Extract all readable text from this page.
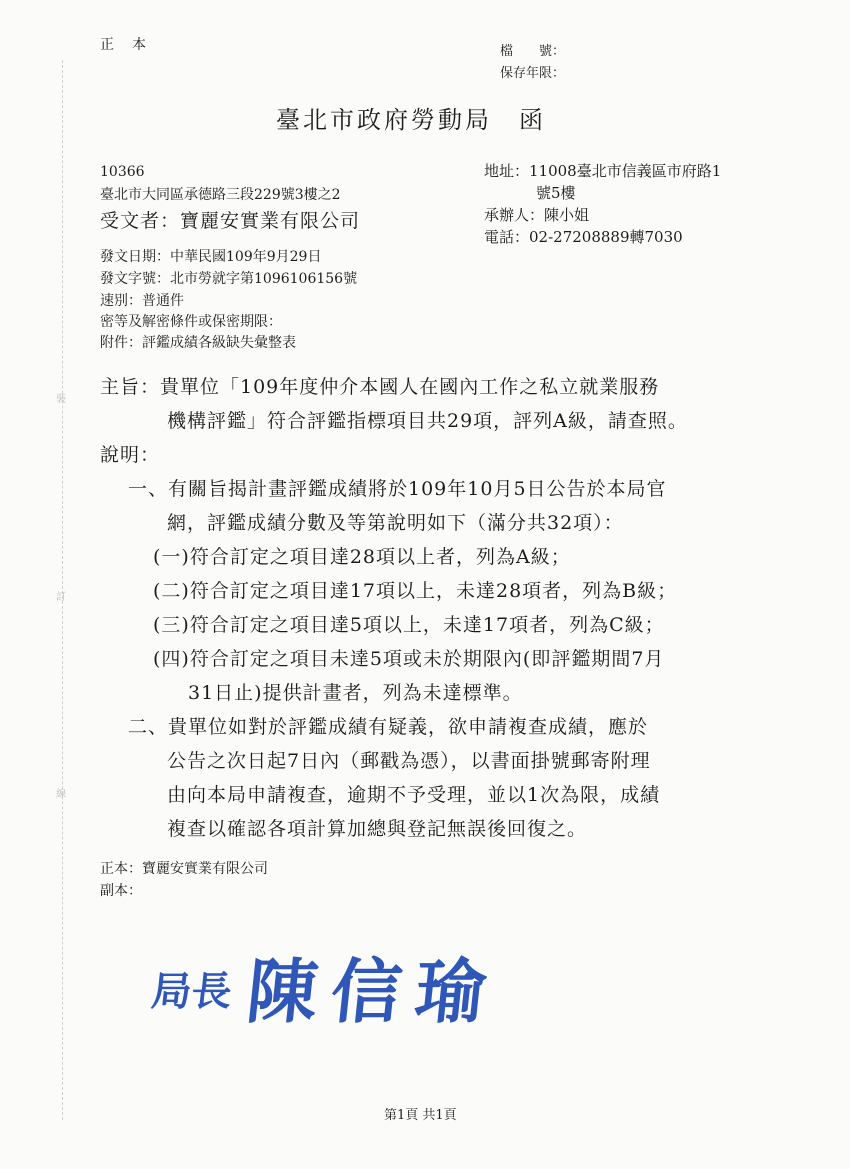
裝
訂
線
正　本	檔　　號：
保存年限：
臺北市政府勞動局　函
10366
臺北市大同區承德路三段229號3樓之2
受文者：寶麗安實業有限公司
地址：11008臺北市信義區市府路1
號5樓
承辦人：陳小姐
電話：02-27208889轉7030
發文日期：中華民國109年9月29日
發文字號：北市勞就字第1096106156號
速別：普通件
密等及解密條件或保密期限：
附件：評鑑成績各級缺失彙整表
主旨：貴單位「109年度仲介本國人在國內工作之私立就業服務
機構評鑑」符合評鑑指標項目共29項，評列A級，請查照。
說明：
一、有關旨揭計畫評鑑成績將於109年10月5日公告於本局官
網，評鑑成績分數及等第說明如下（滿分共32項）：
(一)符合訂定之項目達28項以上者，列為A級；
(二)符合訂定之項目達17項以上，未達28項者，列為B級；
(三)符合訂定之項目達5項以上，未達17項者，列為C級；
(四)符合訂定之項目未達5項或未於期限內(即評鑑期間7月
31日止)提供計畫者，列為未達標準。
二、貴單位如對於評鑑成績有疑義，欲申請複查成績，應於
公告之次日起7日內（郵戳為憑），以書面掛號郵寄附理
由向本局申請複查，逾期不予受理，並以1次為限，成績
複查以確認各項計算加總與登記無誤後回復之。
正本：寶麗安實業有限公司
副本：
局長 陳信瑜
第1頁 共1頁
